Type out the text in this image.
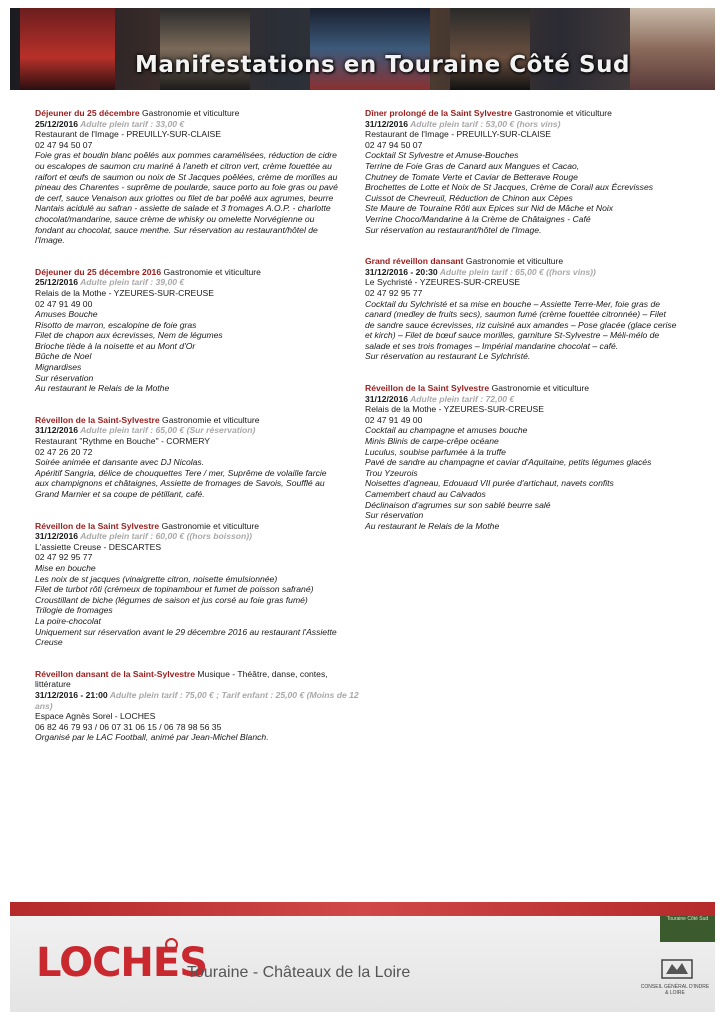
Manifestations en Touraine Côté Sud
Déjeuner du 25 décembre Gastronomie et viticulture
25/12/2016 Adulte plein tarif : 33,00 €
Restaurant de l'Image - PREUILLY-SUR-CLAISE
02 47 94 50 07
Foie gras et boudin blanc poêlés aux pommes caramélisées, réduction de cidre
ou escalopes de saumon cru mariné à l'aneth et citron vert, crème fouettée au
raifort et œufs de saumon ou noix de St Jacques poêlées, crème de morilles au
pineau des Charentes - suprême de poularde, sauce porto au foie gras ou pavé
de cerf, sauce Venaison aux griottes ou filet de bar poêlé aux agrumes, beurre
Nantais acidulé au safran - assiette de salade et 3 fromages A.O.P. - charlotte
chocolat/mandarine, sauce crème de whisky ou omelette Norvégienne ou
fondant au chocolat, sauce menthe. Sur réservation au restaurant/hôtel de
l'Image.
Déjeuner du 25 décembre 2016 Gastronomie et viticulture
25/12/2016 Adulte plein tarif : 39,00 €
Relais de la Mothe - YZEURES-SUR-CREUSE
02 47 91 49 00
Amuses Bouche
Risotto de marron, escalopine de foie gras
Filet de chapon aux écrevisses, Nem de légumes
Brioche tiède à la noisette et au Mont d'Or
Bûche de Noel
Mignardises
Sur réservation
Au restaurant le Relais de la Mothe
Réveillon de la Saint-Sylvestre Gastronomie et viticulture
31/12/2016 Adulte plein tarif : 65,00 € (Sur réservation)
Restaurant "Rythme en Bouche" - CORMERY
02 47 26 20 72
Soirée animée et dansante avec DJ Nicolas.
Apéritif Sangria, délice de chouquettes Tere / mer, Suprême de volaille farcie
aux champignons et châtaignes, Assiette de fromages de Savois, Soufflé au
Grand Marnier et sa coupe de pétillant, café.
Réveillon de la Saint Sylvestre Gastronomie et viticulture
31/12/2016 Adulte plein tarif : 60,00 € ((hors boisson))
L'assiette Creuse - DESCARTES
02 47 92 95 77
Mise en bouche
Les noix de st jacques (vinaigrette citron, noisette émulsionnée)
Filet de turbot rôti (crémeux de topinambour et fumet de poisson safrané)
Croustillant de biche (légumes de saison et jus corsé au foie gras fumé)
Trilogie de fromages
La poire-chocolat
Uniquement sur réservation avant le 29 décembre 2016 au restaurant l'Assiette
Creuse
Réveillon dansant de la Saint-Sylvestre Musique - Théâtre, danse, contes, littérature
31/12/2016 - 21:00 Adulte plein tarif : 75,00 € ; Tarif enfant : 25,00 € (Moins de 12 ans)
Espace Agnès Sorel - LOCHES
06 82 46 79 93 / 06 07 31 06 15 / 06 78 98 56 35
Organisé par le LAC Football, animé par Jean-Michel Blanch.
Dîner prolongé de la Saint Sylvestre Gastronomie et viticulture
31/12/2016 Adulte plein tarif : 53,00 € (hors vins)
Restaurant de l'Image - PREUILLY-SUR-CLAISE
02 47 94 50 07
Cocktail St Sylvestre et Amuse-Bouches
Terrine de Foie Gras de Canard aux Mangues et Cacao,
Chutney de Tomate Verte et Caviar de Betterave Rouge
Brochettes de Lotte et Noix de St Jacques, Crème de Corail aux Écrevisses
Cuissot de Chevreuil, Réduction de Chinon aux Cèpes
Ste Maure de Touraine Rôti aux Epices sur Nid de Mâche et Noix
Verrine Choco/Mandarine à la Crème de Châtaignes - Café
Sur réservation au restaurant/hôtel de l'Image.
Grand réveillon dansant Gastronomie et viticulture
31/12/2016 - 20:30 Adulte plein tarif : 65,00 € ((hors vins))
Le Sychristé - YZEURES-SUR-CREUSE
02 47 92 95 77
Cocktail du Sylchristé et sa mise en bouche – Assiette Terre-Mer, foie gras de
canard (medley de fruits secs), saumon fumé (crème fouettée citronnée) – Filet
de sandre sauce écrevisses, riz cuisiné aux amandes – Pose glacée (glace cerise
et kirch) – Filet de bœuf sauce morilles, garniture St-Sylvestre – Méli-mélo de
salade et ses trois fromages – Impérial mandarine chocolat – café.
Sur réservation au restaurant Le Sylchristé.
Réveillon de la Saint Sylvestre Gastronomie et viticulture
31/12/2016 Adulte plein tarif : 72,00 €
Relais de la Mothe - YZEURES-SUR-CREUSE
02 47 91 49 00
Cocktail au champagne et amuses bouche
Minis Blinis de carpe-crêpe océane
Luculus, soubise parfumée à la truffe
Pavé de sandre au champagne et caviar d'Aquitaine, petits légumes glacés
Trou Yzeurois
Noisettes d'agneau, Edouaud VII purée d'artichaut, navets confits
Camembert chaud au Calvados
Déclinaison d'agrumes sur son sablé beurre salé
Sur réservation
Au restaurant le Relais de la Mothe
Touraine Côté Sud
LOCHES
Touraine - Châteaux de la Loire
CONSEIL GÉNÉRAL D'INDRE & LOIRE
